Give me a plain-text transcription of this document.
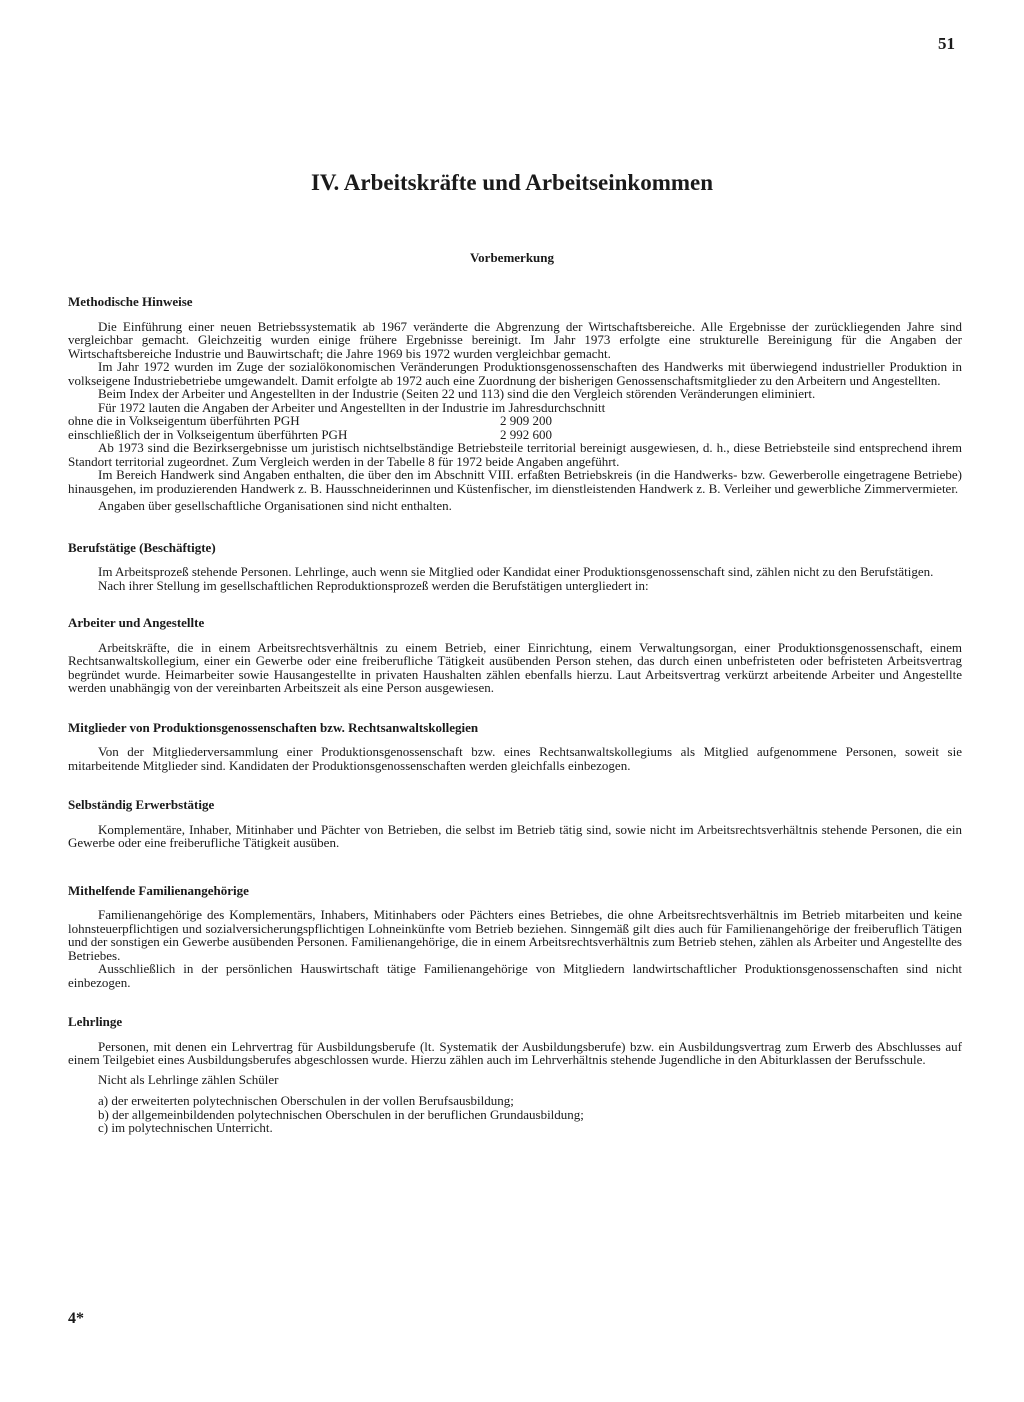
51
IV. Arbeitskräfte und Arbeitseinkommen
Vorbemerkung
Methodische Hinweise

Die Einführung einer neuen Betriebssystematik ab 1967 veränderte die Abgrenzung der Wirtschaftsbereiche. Alle Ergebnisse der zurückliegenden Jahre sind vergleichbar gemacht. Gleichzeitig wurden einige frühere Ergebnisse bereinigt. Im Jahr 1973 erfolgte eine strukturelle Bereinigung für die Angaben der Wirtschaftsbereiche Industrie und Bauwirtschaft; die Jahre 1969 bis 1972 wurden vergleichbar gemacht.

Im Jahr 1972 wurden im Zuge der sozialökonomischen Veränderungen Produktionsgenossenschaften des Handwerks mit überwiegend industrieller Produktion in volkseigene Industriebetriebe umgewandelt. Damit erfolgte ab 1972 auch eine Zuordnung der bisherigen Genossenschaftsmitglieder zu den Arbeitern und Angestellten.

Beim Index der Arbeiter und Angestellten in der Industrie (Seiten 22 und 113) sind die den Vergleich störenden Veränderungen eliminiert.

Für 1972 lauten die Angaben der Arbeiter und Angestellten in der Industrie im Jahresdurchschnitt

ohne die in Volkseigentum überführten PGH	2 909 200
einschließlich der in Volkseigentum überführten PGH	2 992 600

Ab 1973 sind die Bezirksergebnisse um juristisch nichtselbständige Betriebsteile territorial bereinigt ausgewiesen, d. h., diese Betriebsteile sind entsprechend ihrem Standort territorial zugeordnet. Zum Vergleich werden in der Tabelle 8 für 1972 beide Angaben angeführt.

Im Bereich Handwerk sind Angaben enthalten, die über den im Abschnitt VIII. erfaßten Betriebskreis (in die Handwerks- bzw. Gewerberolle eingetragene Betriebe) hinausgehen, im produzierenden Handwerk z. B. Hausschneiderinnen und Küstenfischer, im dienstleistenden Handwerk z. B. Verleiher und gewerbliche Zimmervermieter.

Angaben über gesellschaftliche Organisationen sind nicht enthalten.

Berufstätige (Beschäftigte)

Im Arbeitsprozeß stehende Personen. Lehrlinge, auch wenn sie Mitglied oder Kandidat einer Produktionsgenossenschaft sind, zählen nicht zu den Berufstätigen.

Nach ihrer Stellung im gesellschaftlichen Reproduktionsprozeß werden die Berufstätigen untergliedert in:

Arbeiter und Angestellte

Arbeitskräfte, die in einem Arbeitsrechtsverhältnis zu einem Betrieb, einer Einrichtung, einem Verwaltungsorgan, einer Produktionsgenossenschaft, einem Rechtsanwaltskollegium, einer ein Gewerbe oder eine freiberufliche Tätigkeit ausübenden Person stehen, das durch einen unbefristeten oder befristeten Arbeitsvertrag begründet wurde. Heimarbeiter sowie Hausangestellte in privaten Haushalten zählen ebenfalls hierzu. Laut Arbeitsvertrag verkürzt arbeitende Arbeiter und Angestellte werden unabhängig von der vereinbarten Arbeitszeit als eine Person ausgewiesen.

Mitglieder von Produktionsgenossenschaften bzw. Rechtsanwaltskollegien

Von der Mitgliederversammlung einer Produktionsgenossenschaft bzw. eines Rechtsanwaltskollegiums als Mitglied aufgenommene Personen, soweit sie mitarbeitende Mitglieder sind. Kandidaten der Produktionsgenossenschaften werden gleichfalls einbezogen.

Selbständig Erwerbstätige

Komplementäre, Inhaber, Mitinhaber und Pächter von Betrieben, die selbst im Betrieb tätig sind, sowie nicht im Arbeitsrechtsverhältnis stehende Personen, die ein Gewerbe oder eine freiberufliche Tätigkeit ausüben.

Mithelfende Familienangehörige

Familienangehörige des Komplementärs, Inhabers, Mitinhabers oder Pächters eines Betriebes, die ohne Arbeitsrechtsverhältnis im Betrieb mitarbeiten und keine lohnsteuerpflichtigen und sozialversicherungspflichtigen Lohneinkünfte vom Betrieb beziehen. Sinngemäß gilt dies auch für Familienangehörige der freiberuflich Tätigen und der sonstigen ein Gewerbe ausübenden Personen. Familienangehörige, die in einem Arbeitsrechtsverhältnis zum Betrieb stehen, zählen als Arbeiter und Angestellte des Betriebes.

Ausschließlich in der persönlichen Hauswirtschaft tätige Familienangehörige von Mitgliedern landwirtschaftlicher Produktionsgenossenschaften sind nicht einbezogen.

Lehrlinge

Personen, mit denen ein Lehrvertrag für Ausbildungsberufe (lt. Systematik der Ausbildungsberufe) bzw. ein Ausbildungsvertrag zum Erwerb des Abschlusses auf einem Teilgebiet eines Ausbildungsberufes abgeschlossen wurde. Hierzu zählen auch im Lehrverhältnis stehende Jugendliche in den Abiturklassen der Berufsschule.

Nicht als Lehrlinge zählen Schüler

a) der erweiterten polytechnischen Oberschulen in der vollen Berufsausbildung;

b) der allgemeinbildenden polytechnischen Oberschulen in der beruflichen Grundausbildung;

c) im polytechnischen Unterricht.

4*
